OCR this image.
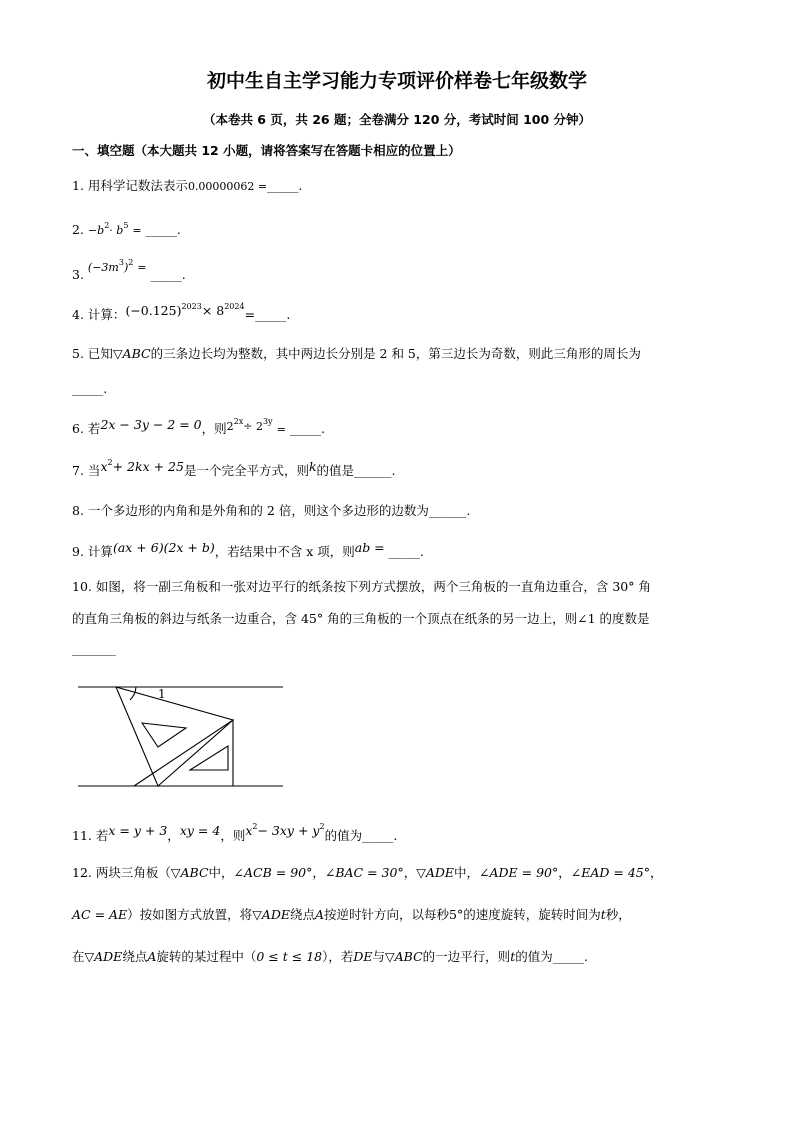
初中生自主学习能力专项评价样卷七年级数学
（本卷共 6 页，共 26 题；全卷满分 120 分，考试时间 100 分钟）
一、填空题（本大题共 12 小题，请将答案写在答题卡相应的位置上）
1. 用科学记数法表示0.00000062 =_____.
2. $-b^2\cdot b^5$ = _____.
3. $(-3m^3)^2$ = _____.
4. 计算：$(-0.125)^{2023}\times$ $8^{2024}=\_\_\_\_\_$.
5. 已知▽ABC的三条边长均为整数，其中两边长分别是 2 和 5，第三边长为奇数，则此三角形的周长为
_____.
6. 若2x − 3y − 2 = 0，则$2^{2x}\div 2^{3y}$ = _____.
7. 当$x^2+ 2kx + 25$是一个完全平方式，则k的值是______.
8. 一个多边形的内角和是外角和的 2 倍，则这个多边形的边数为______.
9. 计算(ax + 6)(2x + b)，若结果中不含 x 项，则ab = _____.
10. 如图，将一副三角板和一张对边平行的纸条按下列方式摆放，两个三角板的一直角边重合，含 30° 角
的直角三角板的斜边与纸条一边重合，含 45° 角的三角板的一个顶点在纸条的另一边上，则∠1 的度数是
_______
1
11. 若x = y + 3，xy = 4，则$x^2- 3xy + y^2$的值为_____.
12. 两块三角板（▽ABC中，∠ACB = 90°，∠BAC = 30°，▽ADE中，∠ADE = 90°，∠EAD = 45°，
AC = AE）按如图方式放置，将▽ADE绕点A按逆时针方向，以每秒5°的速度旋转，旋转时间为t秒，
在▽ADE绕点A旋转的某过程中（0 ≤ t ≤ 18），若DE与▽ABC的一边平行，则t的值为_____.
